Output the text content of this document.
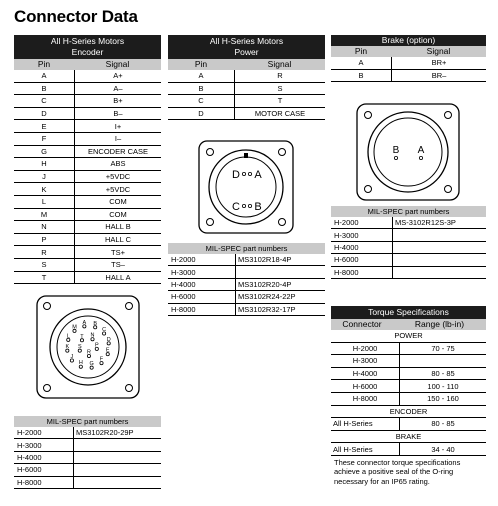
Connector Data
All H-Series Motors
Encoder
Pin	Signal
A	A+
B	A–
C	B+
D	B–
E	I+
F	I–
G	ENCODER CASE
H	ABS
J	+5VDC
K	+5VDC
L	COM
M	COM
N	HALL B
P	HALL C
R	TS+
S	TS–
T	HALL A
A B
C
D
E
F
G
H
J
K
L
M
N
P
R
S
T
MIL-SPEC part numbers
H-2000	MS3102R20-29P
H-3000	
H-4000	
H-6000	
H-8000	
All H-Series Motors
Power
Pin	Signal
A	R
B	S
C	T
D	MOTOR CASE
D A
C B
MIL-SPEC part numbers
H-2000	MS3102R18-4P
H-3000	
H-4000	MS3102R20-4P
H-6000	MS3102R24-22P
H-8000	MS3102R32-17P
Brake (option)
Pin	Signal
A	BR+
B	BR–
B A
MIL-SPEC part numbers
H-2000	MS-3102R12S-3P
H-3000	
H-4000	
H-6000	
H-8000	
Torque Specifications
Connector	Range (lb-in)
POWER	
H-2000	70 - 75
H-3000	
H-4000	80 - 85
H-6000	100 - 110
H-8000	150 - 160
ENCODER	
All H-Series	80 - 85
BRAKE	
All H-Series	34 - 40
These connector torque specifications achieve a positive seal of the O-ring necessary for an IP65 rating.
